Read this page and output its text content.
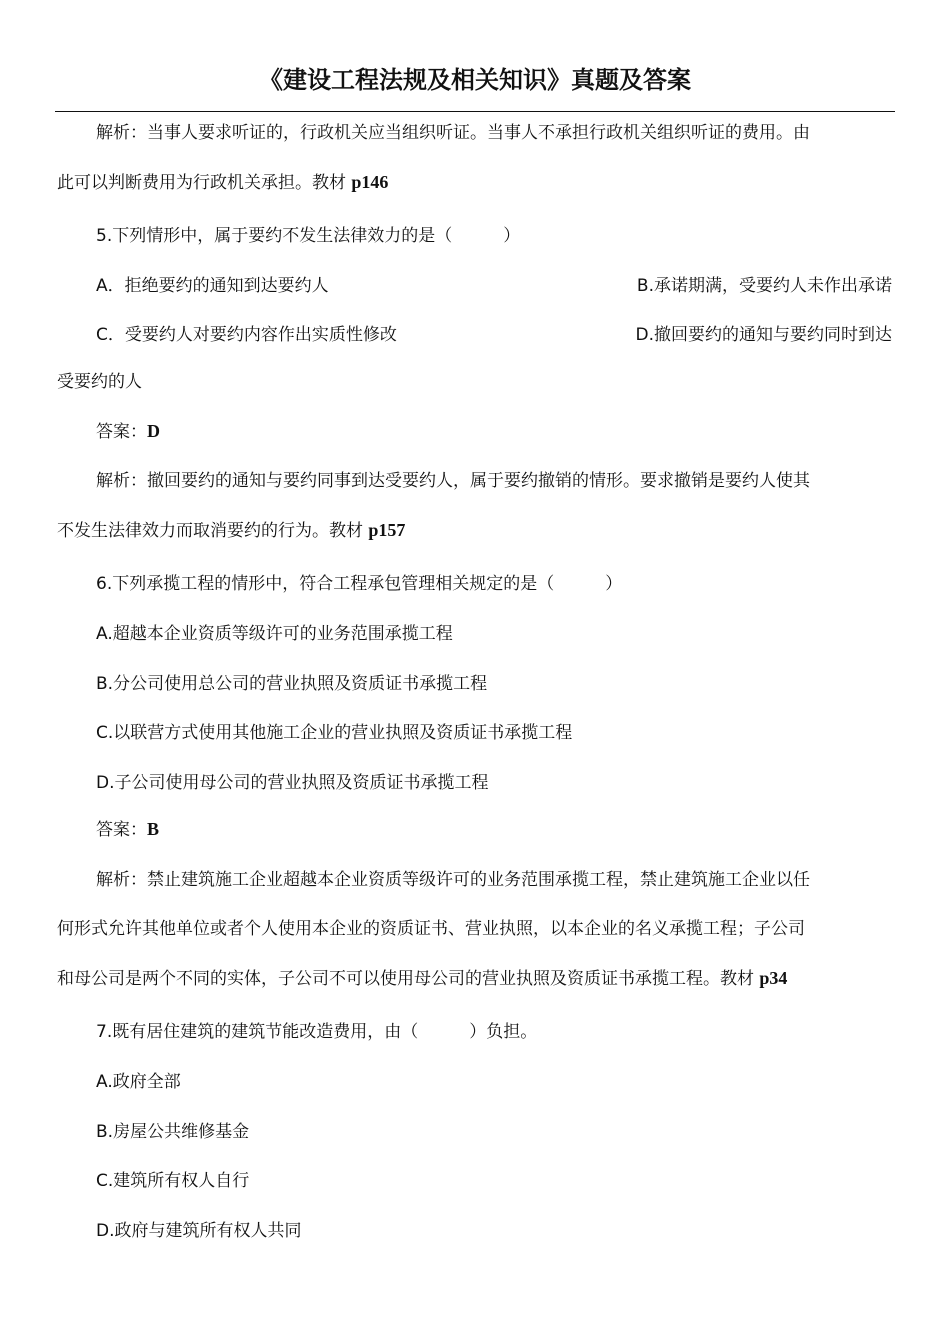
《建设工程法规及相关知识》真题及答案
解析：当事人要求听证的，行政机关应当组织听证。当事人不承担行政机关组织听证的费用。由
此可以判断费用为行政机关承担。教材 p146
5.下列情形中，属于要约不发生法律效力的是（　　　）
A．拒绝要约的通知到达要约人	B.承诺期满，受要约人未作出承诺
C．受要约人对要约内容作出实质性修改	D.撤回要约的通知与要约同时到达
受要约的人
答案：D
解析：撤回要约的通知与要约同事到达受要约人，属于要约撤销的情形。要求撤销是要约人使其
不发生法律效力而取消要约的行为。教材 p157
6.下列承揽工程的情形中，符合工程承包管理相关规定的是（　　　）
A.超越本企业资质等级许可的业务范围承揽工程
B.分公司使用总公司的营业执照及资质证书承揽工程
C.以联营方式使用其他施工企业的营业执照及资质证书承揽工程
D.子公司使用母公司的营业执照及资质证书承揽工程
答案：B
解析：禁止建筑施工企业超越本企业资质等级许可的业务范围承揽工程，禁止建筑施工企业以任
何形式允许其他单位或者个人使用本企业的资质证书、营业执照，以本企业的名义承揽工程；子公司
和母公司是两个不同的实体，子公司不可以使用母公司的营业执照及资质证书承揽工程。教材 p34
7.既有居住建筑的建筑节能改造费用，由（　　　）负担。
A.政府全部
B.房屋公共维修基金
C.建筑所有权人自行
D.政府与建筑所有权人共同
